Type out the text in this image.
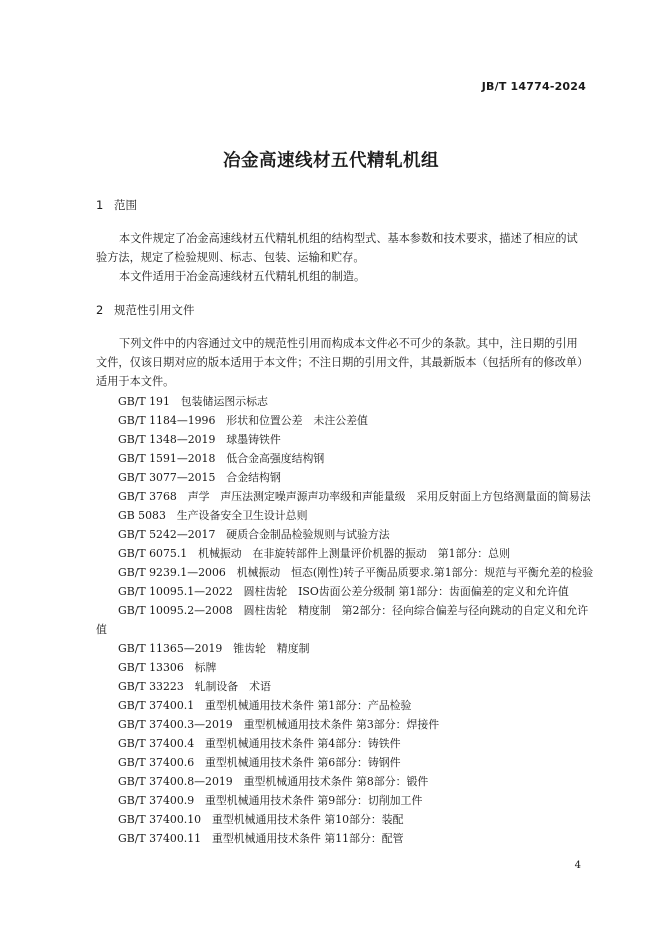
JB/T 14774-2024
冶金高速线材五代精轧机组
1 范围
本文件规定了冶金高速线材五代精轧机组的结构型式、基本参数和技术要求，描述了相应的试
验方法，规定了检验规则、标志、包装、运输和贮存。
本文件适用于冶金高速线材五代精轧机组的制造。
2 规范性引用文件
下列文件中的内容通过文中的规范性引用而构成本文件必不可少的条款。其中，注日期的引用
文件，仅该日期对应的版本适用于本文件；不注日期的引用文件，其最新版本（包括所有的修改单）
适用于本文件。
GB/T 191　包装储运图示标志
GB/T 1184—1996　形状和位置公差　未注公差值
GB/T 1348—2019　球墨铸铁件
GB/T 1591—2018　低合金高强度结构钢
GB/T 3077—2015　合金结构钢
GB/T 3768　声学　声压法测定噪声源声功率级和声能量级　采用反射面上方包络测量面的简易法
GB 5083　生产设备安全卫生设计总则
GB/T 5242—2017　硬质合金制品检验规则与试验方法
GB/T 6075.1　机械振动　在非旋转部件上测量评价机器的振动　第1部分：总则
GB/T 9239.1—2006　机械振动　恒态(刚性)转子平衡品质要求.第1部分：规范与平衡允差的检验
GB/T 10095.1—2022　圆柱齿轮　ISO齿面公差分级制 第1部分：齿面偏差的定义和允许值
GB/T 10095.2—2008　圆柱齿轮　精度制　第2部分：径向综合偏差与径向跳动的自定义和允许值
GB/T 11365—2019　锥齿轮　精度制
GB/T 13306　标牌
GB/T 33223　轧制设备　术语
GB/T 37400.1　重型机械通用技术条件 第1部分：产品检验
GB/T 37400.3—2019　重型机械通用技术条件 第3部分：焊接件
GB/T 37400.4　重型机械通用技术条件 第4部分：铸铁件
GB/T 37400.6　重型机械通用技术条件 第6部分：铸钢件
GB/T 37400.8—2019　重型机械通用技术条件 第8部分：锻件
GB/T 37400.9　重型机械通用技术条件 第9部分：切削加工件
GB/T 37400.10　重型机械通用技术条件 第10部分：装配
GB/T 37400.11　重型机械通用技术条件 第11部分：配管
4
